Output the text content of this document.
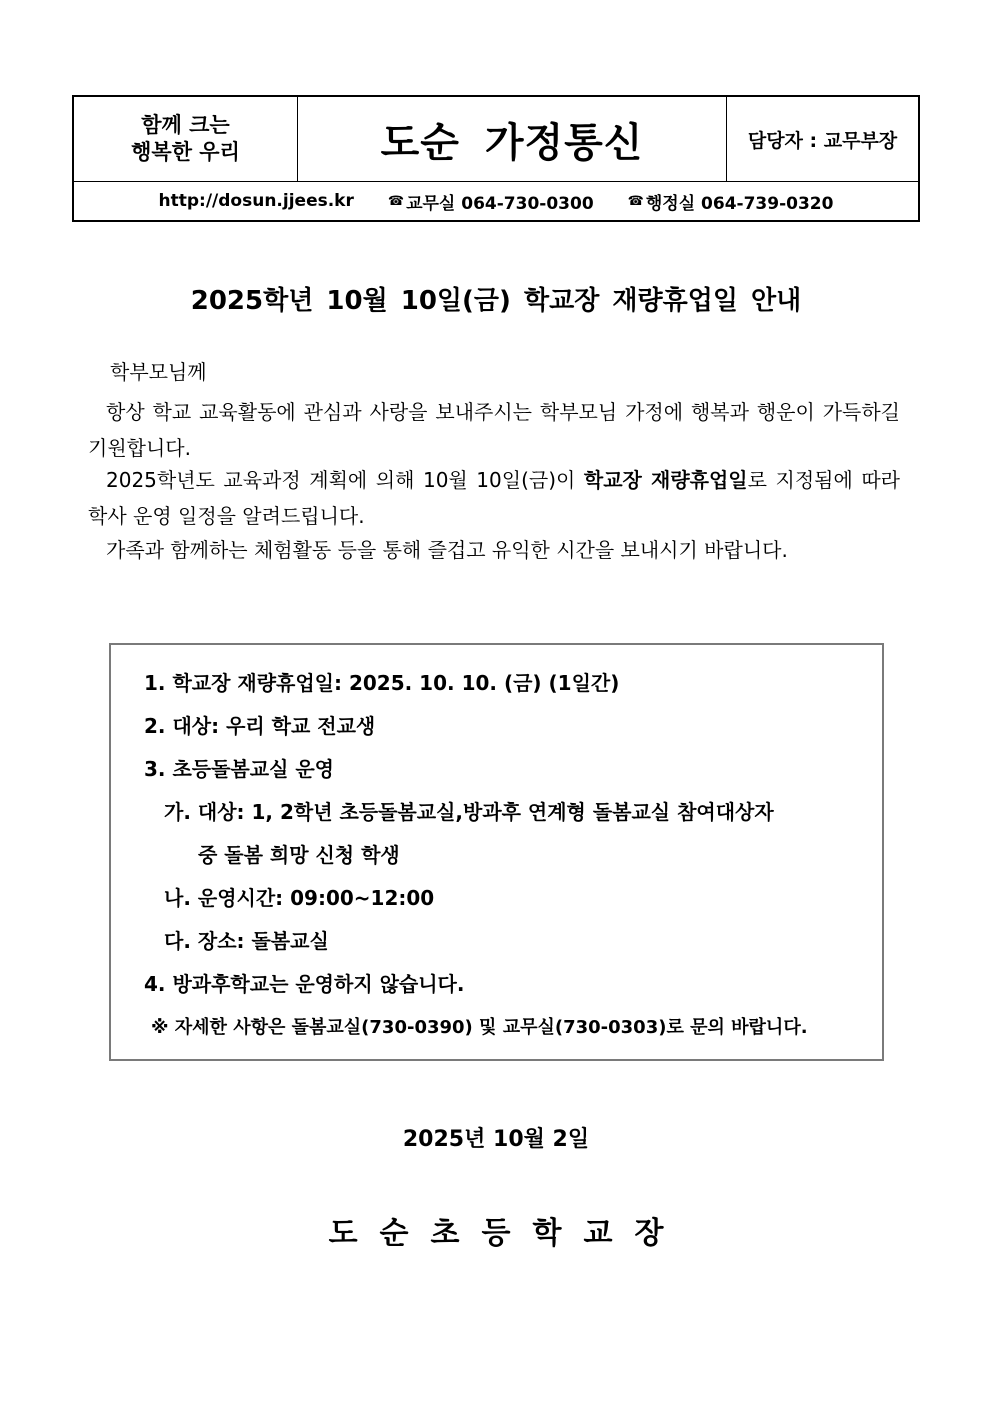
함께 크는
행복한 우리	도순 가정통신	담당자 : 교무부장
http://dosun.jjees.kr	☎ 교무실 064-730-0300	☎ 행정실 064-739-0320
2025학년 10월 10일(금) 학교장 재량휴업일 안내
학부모님께
항상 학교 교육활동에 관심과 사랑을 보내주시는 학부모님 가정에 행복과 행운이 가득하길 기원합니다.
2025학년도 교육과정 계획에 의해 10월 10일(금)이 학교장 재량휴업일로 지정됨에 따라 학사 운영 일정을 알려드립니다.
가족과 함께하는 체험활동 등을 통해 즐겁고 유익한 시간을 보내시기 바랍니다.
1. 학교장 재량휴업일: 2025. 10. 10. (금) (1일간)
2. 대상: 우리 학교 전교생
3. 초등돌봄교실 운영
가. 대상: 1, 2학년 초등돌봄교실,방과후 연계형 돌봄교실 참여대상자
중 돌봄 희망 신청 학생
나. 운영시간: 09:00~12:00
다. 장소: 돌봄교실
4. 방과후학교는 운영하지 않습니다.
※ 자세한 사항은 돌봄교실(730-0390) 및 교무실(730-0303)로 문의 바랍니다.
2025년 10월 2일
도순초등학교장
